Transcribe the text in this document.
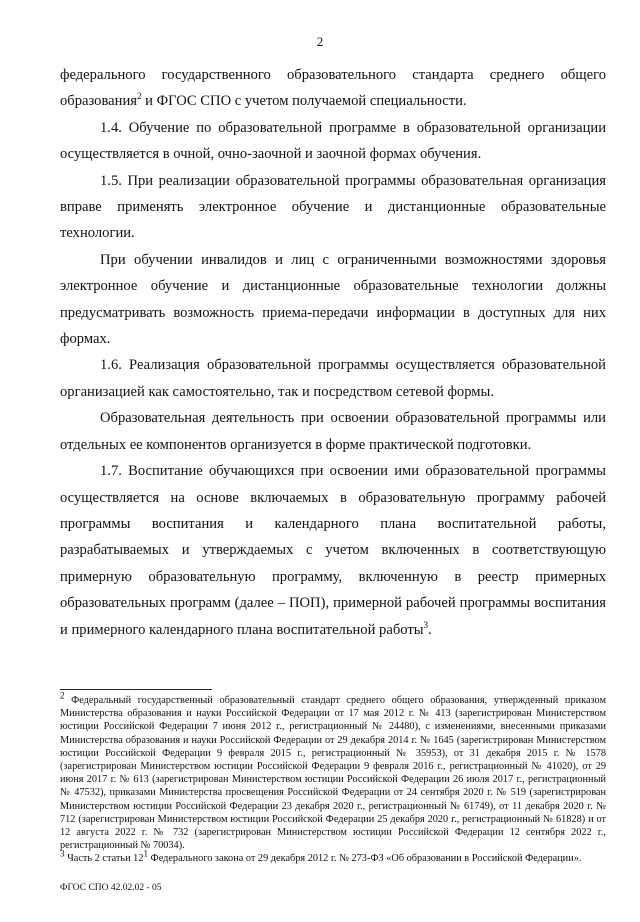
2

федерального государственного образовательного стандарта среднего общего образования$^2$ и ФГОС СПО с учетом получаемой специальности.

1.4. Обучение по образовательной программе в образовательной организации осуществляется в очной, очно-заочной и заочной формах обучения.

1.5. При реализации образовательной программы образовательная организация вправе применять электронное обучение и дистанционные образовательные технологии.

При обучении инвалидов и лиц с ограниченными возможностями здоровья электронное обучение и дистанционные образовательные технологии должны предусматривать возможность приема-передачи информации в доступных для них формах.

1.6. Реализация образовательной программы осуществляется образовательной организацией как самостоятельно, так и посредством сетевой формы.

Образовательная деятельность при освоении образовательной программы или отдельных ее компонентов организуется в форме практической подготовки.

1.7. Воспитание обучающихся при освоении ими образовательной программы осуществляется на основе включаемых в образовательную программу рабочей программы воспитания и календарного плана воспитательной работы, разрабатываемых и утверждаемых с учетом включенных в соответствующую примерную образовательную программу, включенную в реестр примерных образовательных программ (далее – ПОП), примерной рабочей программы воспитания и примерного календарного плана воспитательной работы$^3$.

$^2$ Федеральный государственный образовательный стандарт среднего общего образования, утвержденный приказом Министерства образования и науки Российской Федерации от 17 мая 2012 г. № 413 (зарегистрирован Министерством юстиции Российской Федерации 7 июня 2012 г., регистрационный № 24480), с изменениями, внесенными приказами Министерства образования и науки Российской Федерации от 29 декабря 2014 г. № 1645 (зарегистрирован Министерством юстиции Российской Федерации 9 февраля 2015 г., регистрационный № 35953), от 31 декабря 2015 г. № 1578 (зарегистрирован Министерством юстиции Российской Федерации 9 февраля 2016 г., регистрационный № 41020), от 29 июня 2017 г. № 613 (зарегистрирован Министерством юстиции Российской Федерации 26 июля 2017 г., регистрационный № 47532), приказами Министерства просвещения Российской Федерации от 24 сентября 2020 г. № 519 (зарегистрирован Министерством юстиции Российской Федерации 23 декабря 2020 г., регистрационный № 61749), от 11 декабря 2020 г. № 712 (зарегистрирован Министерством юстиции Российской Федерации 25 декабря 2020 г., регистрационный № 61828) и от 12 августа 2022 г. № 732 (зарегистрирован Министерством юстиции Российской Федерации 12 сентября 2022 г., регистрационный № 70034).

$^3$ Часть 2 статьи $12^1$ Федерального закона от 29 декабря 2012 г. № 273-ФЗ «Об образовании в Российской Федерации».

ФГОС СПО 42.02.02 - 05
